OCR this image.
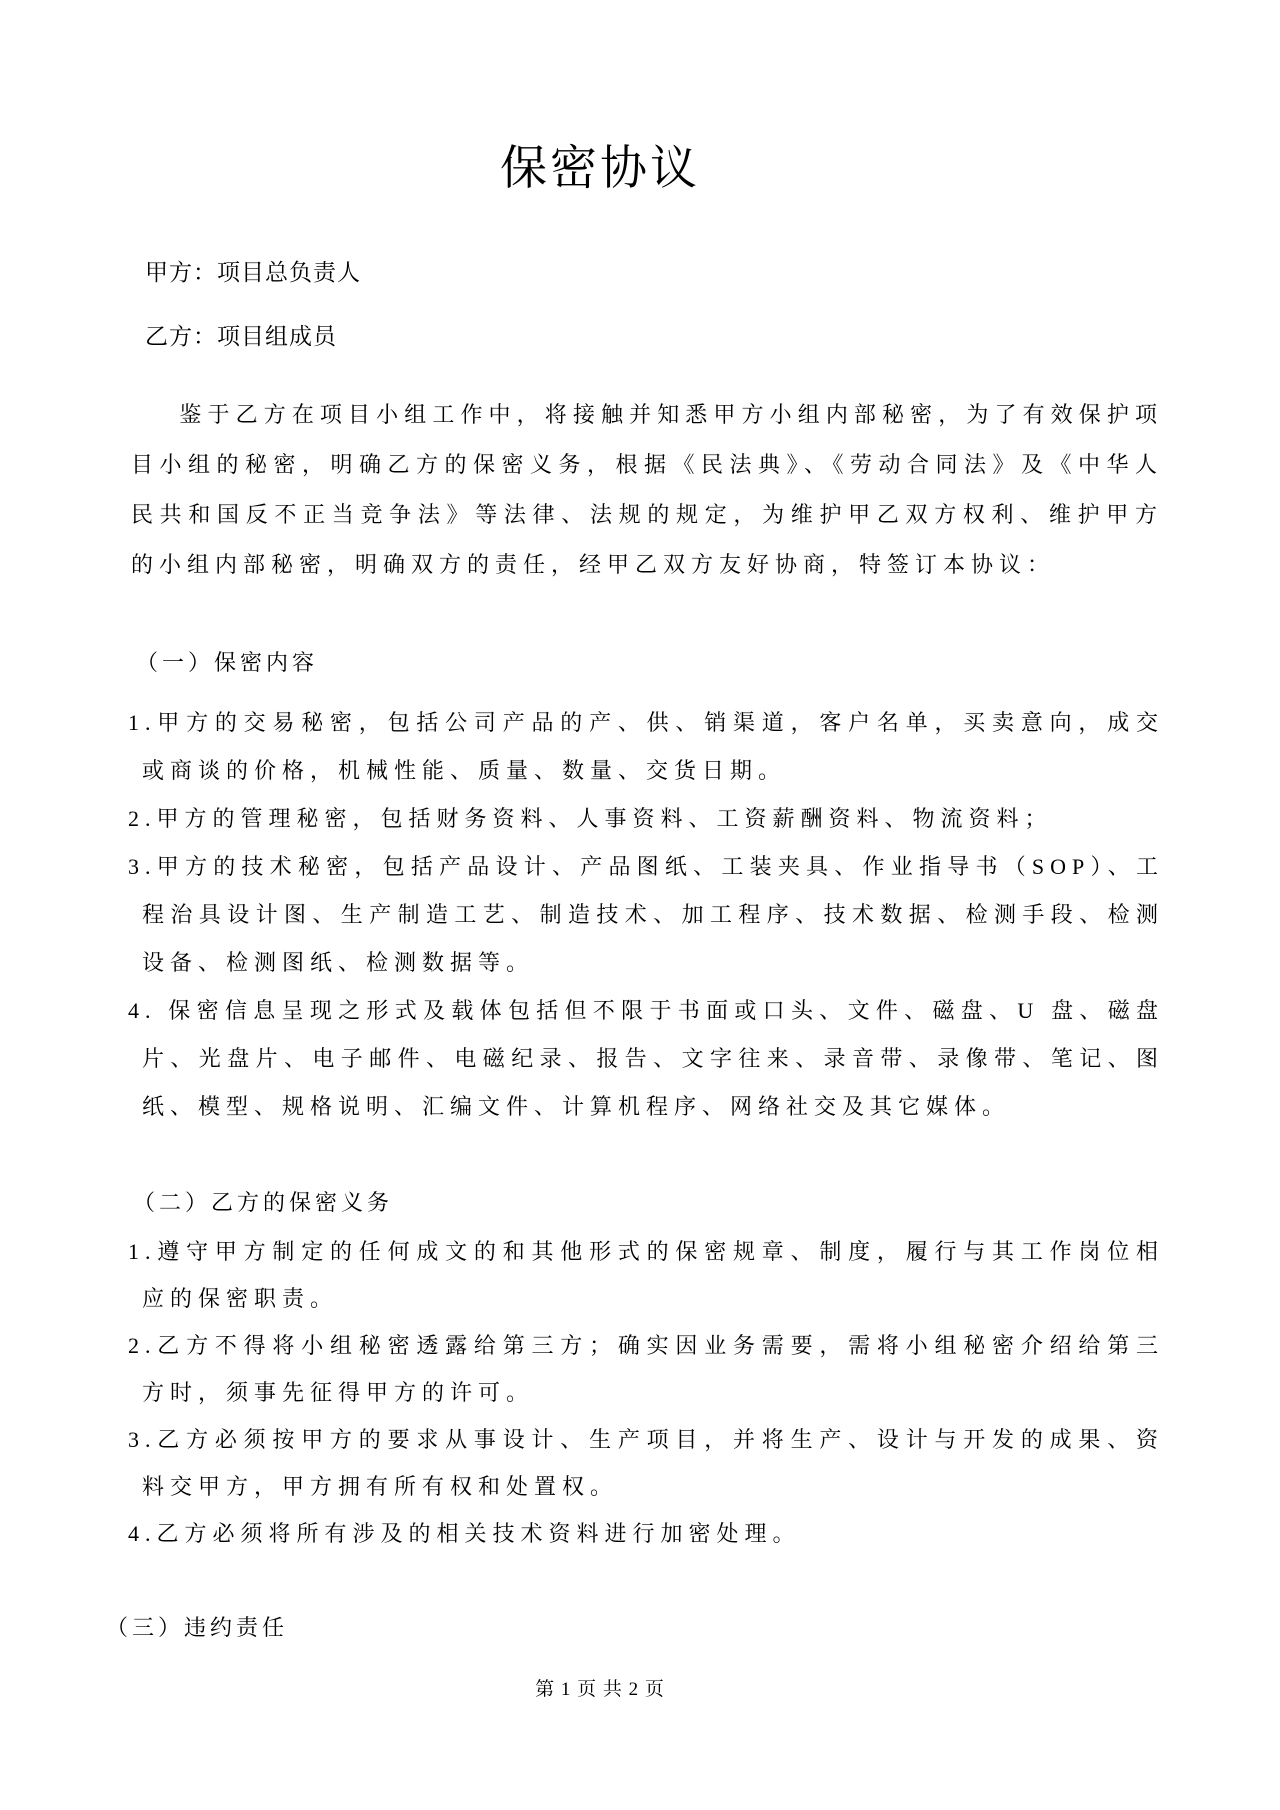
保密协议
甲方：项目总负责人
乙方：项目组成员

鉴于乙方在项目小组工作中，将接触并知悉甲方小组内部秘密，为了有效保护项目小组的秘密，明确乙方的保密义务，根据《民法典》、《劳动合同法》及《中华人民共和国反不正当竞争法》等法律、法规的规定，为维护甲乙双方权利、维护甲方的小组内部秘密，明确双方的责任，经甲乙双方友好协商，特签订本协议：

（一）保密内容
1.甲方的交易秘密，包括公司产品的产、供、销渠道，客户名单，买卖意向，成交或商谈的价格，机械性能、质量、数量、交货日期。
2.甲方的管理秘密，包括财务资料、人事资料、工资薪酬资料、物流资料；
3.甲方的技术秘密，包括产品设计、产品图纸、工装夹具、作业指导书（SOP）、工程治具设计图、生产制造工艺、制造技术、加工程序、技术数据、检测手段、检测设备、检测图纸、检测数据等。
4. 保密信息呈现之形式及载体包括但不限于书面或口头、文件、磁盘、U 盘、磁盘片、光盘片、电子邮件、电磁纪录、报告、文字往来、录音带、录像带、笔记、图纸、模型、规格说明、汇编文件、计算机程序、网络社交及其它媒体。
（二）乙方的保密义务
1.遵守甲方制定的任何成文的和其他形式的保密规章、制度，履行与其工作岗位相应的保密职责。
2.乙方不得将小组秘密透露给第三方；确实因业务需要，需将小组秘密介绍给第三方时，须事先征得甲方的许可。
3.乙方必须按甲方的要求从事设计、生产项目，并将生产、设计与开发的成果、资料交甲方，甲方拥有所有权和处置权。
4.乙方必须将所有涉及的相关技术资料进行加密处理。
（三）违约责任
第 1 页 共 2 页
